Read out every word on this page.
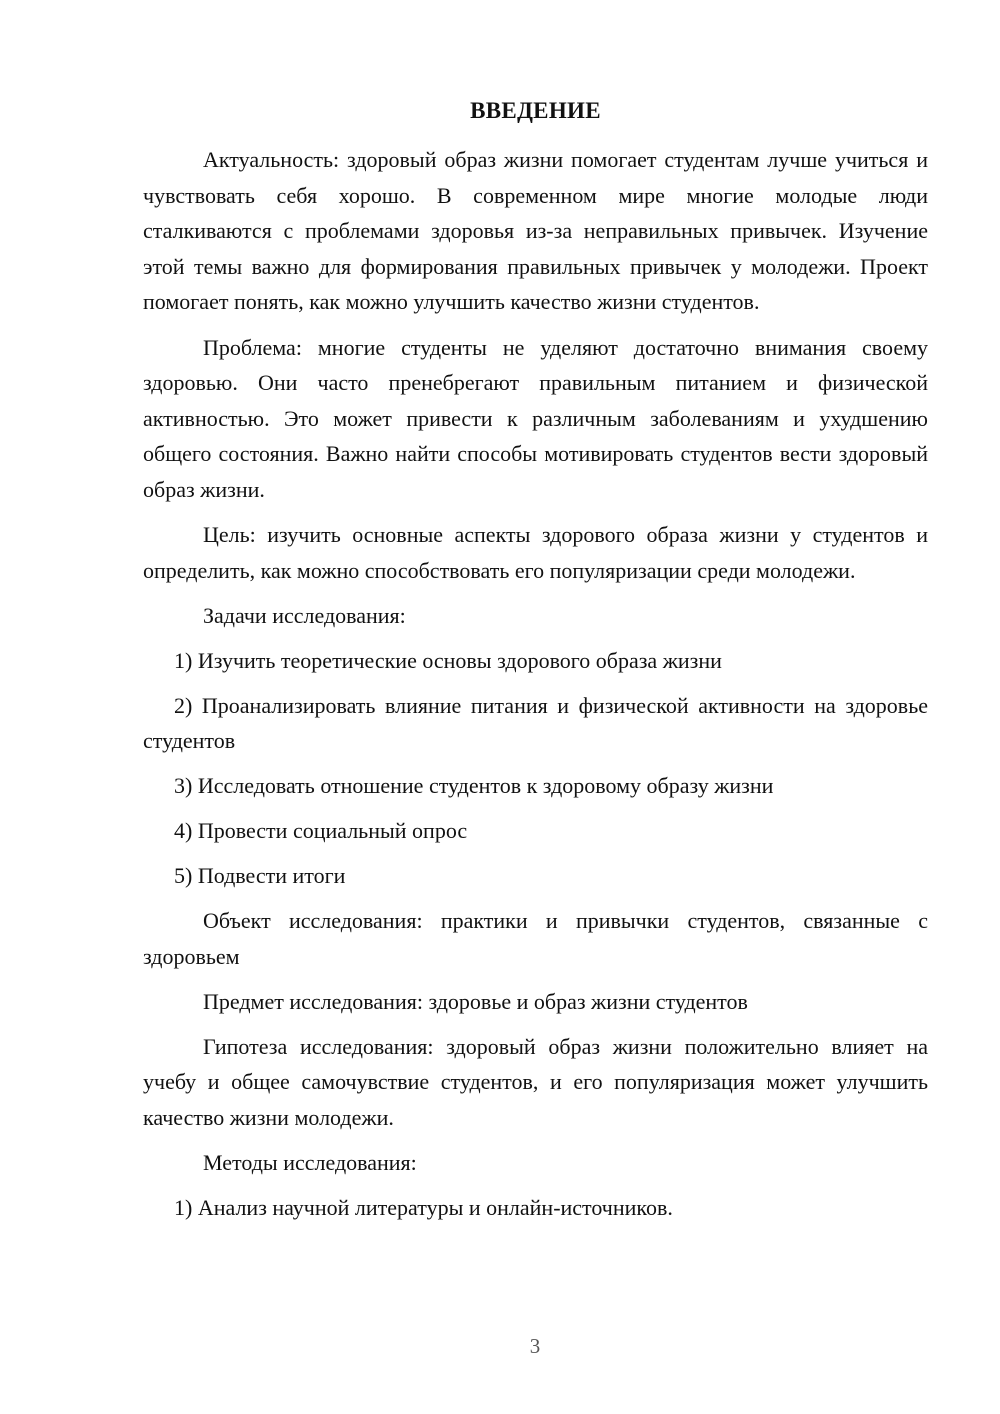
ВВЕДЕНИЕ

Актуальность: здоровый образ жизни помогает студентам лучше учиться и чувствовать себя хорошо. В современном мире многие молодые люди сталкиваются с проблемами здоровья из-за неправильных привычек. Изучение этой темы важно для формирования правильных привычек у молодежи. Проект помогает понять, как можно улучшить качество жизни студентов.

Проблема: многие студенты не уделяют достаточно внимания своему здоровью. Они часто пренебрегают правильным питанием и физической активностью. Это может привести к различным заболеваниям и ухудшению общего состояния. Важно найти способы мотивировать студентов вести здоровый образ жизни.

Цель: изучить основные аспекты здорового образа жизни у студентов и определить, как можно способствовать его популяризации среди молодежи.

Задачи исследования:

1) Изучить теоретические основы здорового образа жизни

2) Проанализировать влияние питания и физической активности на здоровье студентов

3) Исследовать отношение студентов к здоровому образу жизни

4) Провести социальный опрос

5) Подвести итоги

Объект исследования: практики и привычки студентов, связанные с здоровьем

Предмет исследования: здоровье и образ жизни студентов

Гипотеза исследования: здоровый образ жизни положительно влияет на учебу и общее самочувствие студентов, и его популяризация может улучшить качество жизни молодежи.

Методы исследования:

1) Анализ научной литературы и онлайн-источников.

3
